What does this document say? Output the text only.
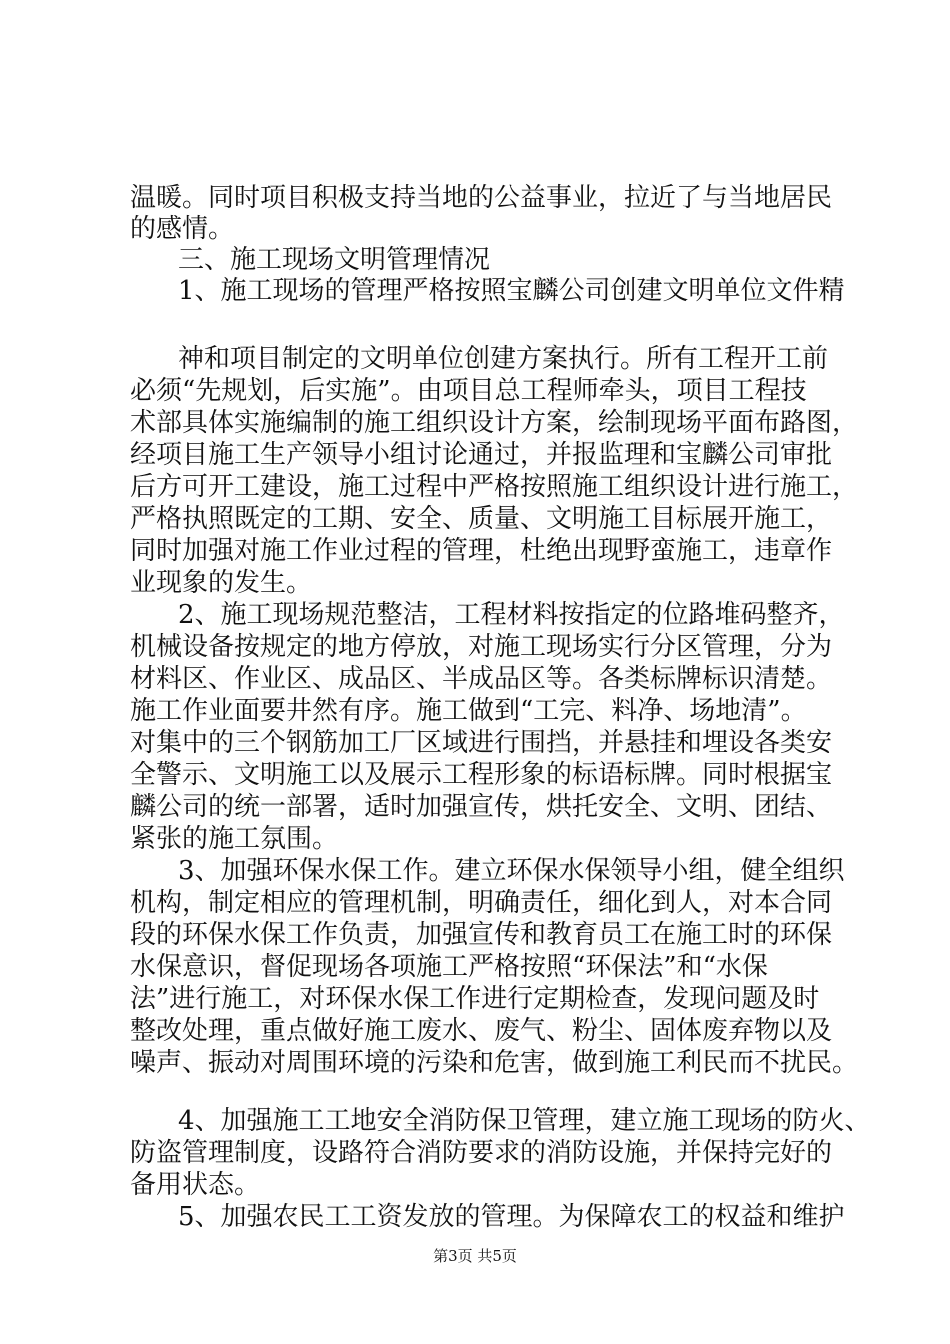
温暖。同时项目积极支持当地的公益事业，拉近了与当地居民
的感情。
三、施工现场文明管理情况
1、施工现场的管理严格按照宝麟公司创建文明单位文件精
神和项目制定的文明单位创建方案执行。所有工程开工前
必须“先规划，后实施”。由项目总工程师牵头，项目工程技
术部具体实施编制的施工组织设计方案，绘制现场平面布路图，
经项目施工生产领导小组讨论通过，并报监理和宝麟公司审批
后方可开工建设，施工过程中严格按照施工组织设计进行施工，
严格执照既定的工期、安全、质量、文明施工目标展开施工，
同时加强对施工作业过程的管理，杜绝出现野蛮施工，违章作
业现象的发生。
2、施工现场规范整洁，工程材料按指定的位路堆码整齐，
机械设备按规定的地方停放，对施工现场实行分区管理，分为
材料区、作业区、成品区、半成品区等。各类标牌标识清楚。
施工作业面要井然有序。施工做到“工完、料净、场地清”。
对集中的三个钢筋加工厂区域进行围挡，并悬挂和埋设各类安
全警示、文明施工以及展示工程形象的标语标牌。同时根据宝
麟公司的统一部署，适时加强宣传，烘托安全、文明、团结、
紧张的施工氛围。
3、加强环保水保工作。建立环保水保领导小组，健全组织
机构，制定相应的管理机制，明确责任，细化到人，对本合同
段的环保水保工作负责，加强宣传和教育员工在施工时的环保
水保意识，督促现场各项施工严格按照“环保法”和“水保
法”进行施工，对环保水保工作进行定期检查，发现问题及时
整改处理，重点做好施工废水、废气、粉尘、固体废弃物以及
噪声、振动对周围环境的污染和危害，做到施工利民而不扰民。
4、加强施工工地安全消防保卫管理，建立施工现场的防火、
防盗管理制度，设路符合消防要求的消防设施，并保持完好的
备用状态。
5、加强农民工工资发放的管理。为保障农工的权益和维护
第3页 共5页
